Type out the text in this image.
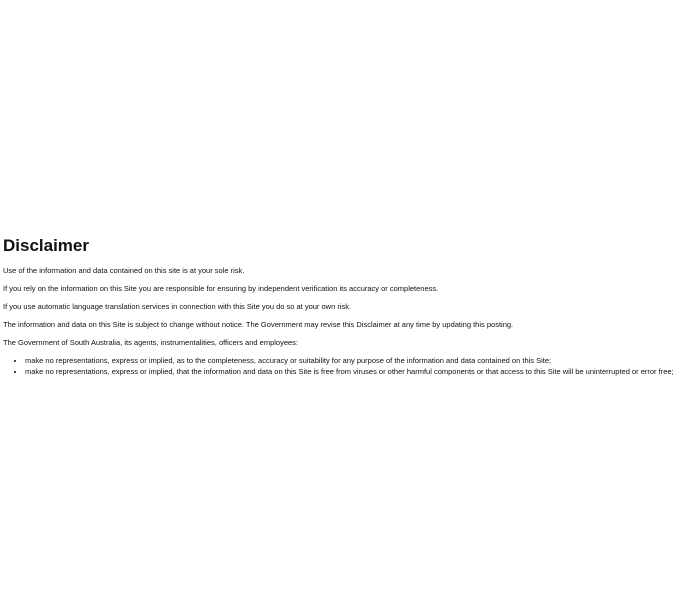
Disclaimer

Use of the information and data contained on this site is at your sole risk.

If you rely on the information on this Site you are responsible for ensuring by independent verification its accuracy or completeness.

If you use automatic language translation services in connection with this Site you do so at your own risk.

The information and data on this Site is subject to change without notice. The Government may revise this Disclaimer at any time by updating this posting.

The Government of South Australia, its agents, instrumentalities, officers and employees:

• make no representations, express or implied, as to the completeness, accuracy or suitability for any purpose of the information and data contained on this Site;
• make no representations, express or implied, that the information and data on this Site is free from viruses or other harmful components or that access to this Site will be uninterrupted or error free;
